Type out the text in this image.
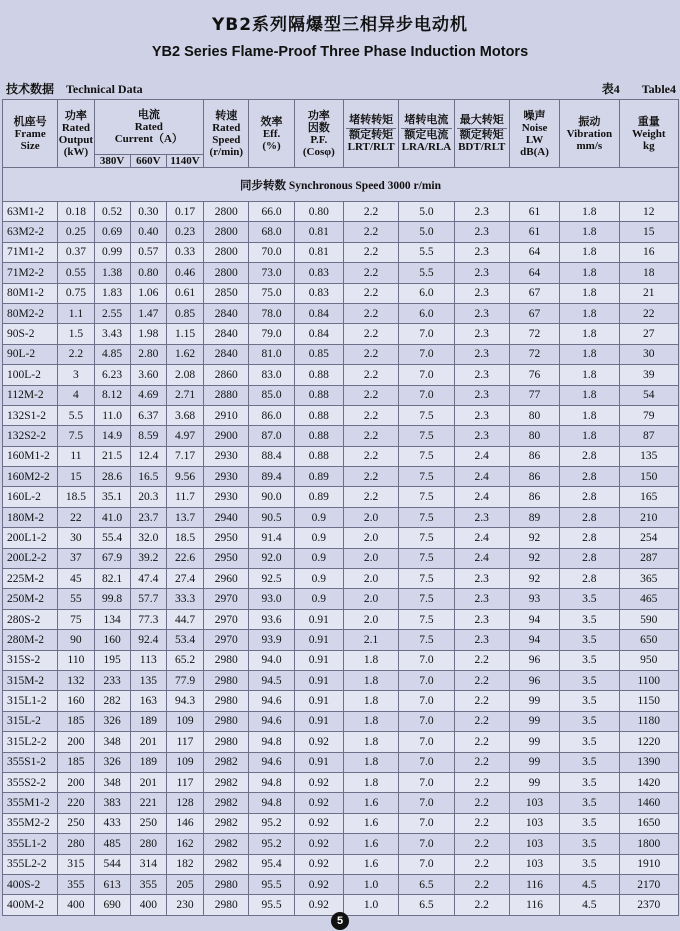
YB2系列隔爆型三相异步电动机
YB2 Series Flame-Proof Three Phase Induction Motors
技术数据 Technical Data	表4 Table4
机座号
Frame
Size	功率
Rated
Output
(kW)	电流
Rated
Current（A）			转速
Rated
Speed
(r/min)	效率
Eff.
(%)	功率
因数
P.F.
(Cosφ)	堵转转矩
额定转矩
LRT/RLT	堵转电流
额定电流
LRA/RLA	最大转矩
额定转矩
BDT/RLT	噪声
Noise
LW
dB(A)	振动
Vibration
mm/s	重量
Weight
kg

		380V	660V	1140V									
同步转数 Synchronous Speed 3000 r/min													
63M1-2	0.18	0.52	0.30	0.17	2800	66.0	0.80	2.2	5.0	2.3	61	1.8	12
63M2-2	0.25	0.69	0.40	0.23	2800	68.0	0.81	2.2	5.0	2.3	61	1.8	15
71M1-2	0.37	0.99	0.57	0.33	2800	70.0	0.81	2.2	5.5	2.3	64	1.8	16
71M2-2	0.55	1.38	0.80	0.46	2800	73.0	0.83	2.2	5.5	2.3	64	1.8	18
80M1-2	0.75	1.83	1.06	0.61	2850	75.0	0.83	2.2	6.0	2.3	67	1.8	21
80M2-2	1.1	2.55	1.47	0.85	2840	78.0	0.84	2.2	6.0	2.3	67	1.8	22
90S-2	1.5	3.43	1.98	1.15	2840	79.0	0.84	2.2	7.0	2.3	72	1.8	27
90L-2	2.2	4.85	2.80	1.62	2840	81.0	0.85	2.2	7.0	2.3	72	1.8	30
100L-2	3	6.23	3.60	2.08	2860	83.0	0.88	2.2	7.0	2.3	76	1.8	39
112M-2	4	8.12	4.69	2.71	2880	85.0	0.88	2.2	7.0	2.3	77	1.8	54
132S1-2	5.5	11.0	6.37	3.68	2910	86.0	0.88	2.2	7.5	2.3	80	1.8	79
132S2-2	7.5	14.9	8.59	4.97	2900	87.0	0.88	2.2	7.5	2.3	80	1.8	87
160M1-2	11	21.5	12.4	7.17	2930	88.4	0.88	2.2	7.5	2.4	86	2.8	135
160M2-2	15	28.6	16.5	9.56	2930	89.4	0.89	2.2	7.5	2.4	86	2.8	150
160L-2	18.5	35.1	20.3	11.7	2930	90.0	0.89	2.2	7.5	2.4	86	2.8	165
180M-2	22	41.0	23.7	13.7	2940	90.5	0.9	2.0	7.5	2.3	89	2.8	210
200L1-2	30	55.4	32.0	18.5	2950	91.4	0.9	2.0	7.5	2.4	92	2.8	254
200L2-2	37	67.9	39.2	22.6	2950	92.0	0.9	2.0	7.5	2.4	92	2.8	287
225M-2	45	82.1	47.4	27.4	2960	92.5	0.9	2.0	7.5	2.3	92	2.8	365
250M-2	55	99.8	57.7	33.3	2970	93.0	0.9	2.0	7.5	2.3	93	3.5	465
280S-2	75	134	77.3	44.7	2970	93.6	0.91	2.0	7.5	2.3	94	3.5	590
280M-2	90	160	92.4	53.4	2970	93.9	0.91	2.1	7.5	2.3	94	3.5	650
315S-2	110	195	113	65.2	2980	94.0	0.91	1.8	7.0	2.2	96	3.5	950
315M-2	132	233	135	77.9	2980	94.5	0.91	1.8	7.0	2.2	96	3.5	1100
315L1-2	160	282	163	94.3	2980	94.6	0.91	1.8	7.0	2.2	99	3.5	1150
315L-2	185	326	189	109	2980	94.6	0.91	1.8	7.0	2.2	99	3.5	1180
315L2-2	200	348	201	117	2980	94.8	0.92	1.8	7.0	2.2	99	3.5	1220
355S1-2	185	326	189	109	2982	94.6	0.91	1.8	7.0	2.2	99	3.5	1390
355S2-2	200	348	201	117	2982	94.8	0.92	1.8	7.0	2.2	99	3.5	1420
355M1-2	220	383	221	128	2982	94.8	0.92	1.6	7.0	2.2	103	3.5	1460
355M2-2	250	433	250	146	2982	95.2	0.92	1.6	7.0	2.2	103	3.5	1650
355L1-2	280	485	280	162	2982	95.2	0.92	1.6	7.0	2.2	103	3.5	1800
355L2-2	315	544	314	182	2982	95.4	0.92	1.6	7.0	2.2	103	3.5	1910
400S-2	355	613	355	205	2980	95.5	0.92	1.0	6.5	2.2	116	4.5	2170
400M-2	400	690	400	230	2980	95.5	0.92	1.0	6.5	2.2	116	4.5	2370
5
